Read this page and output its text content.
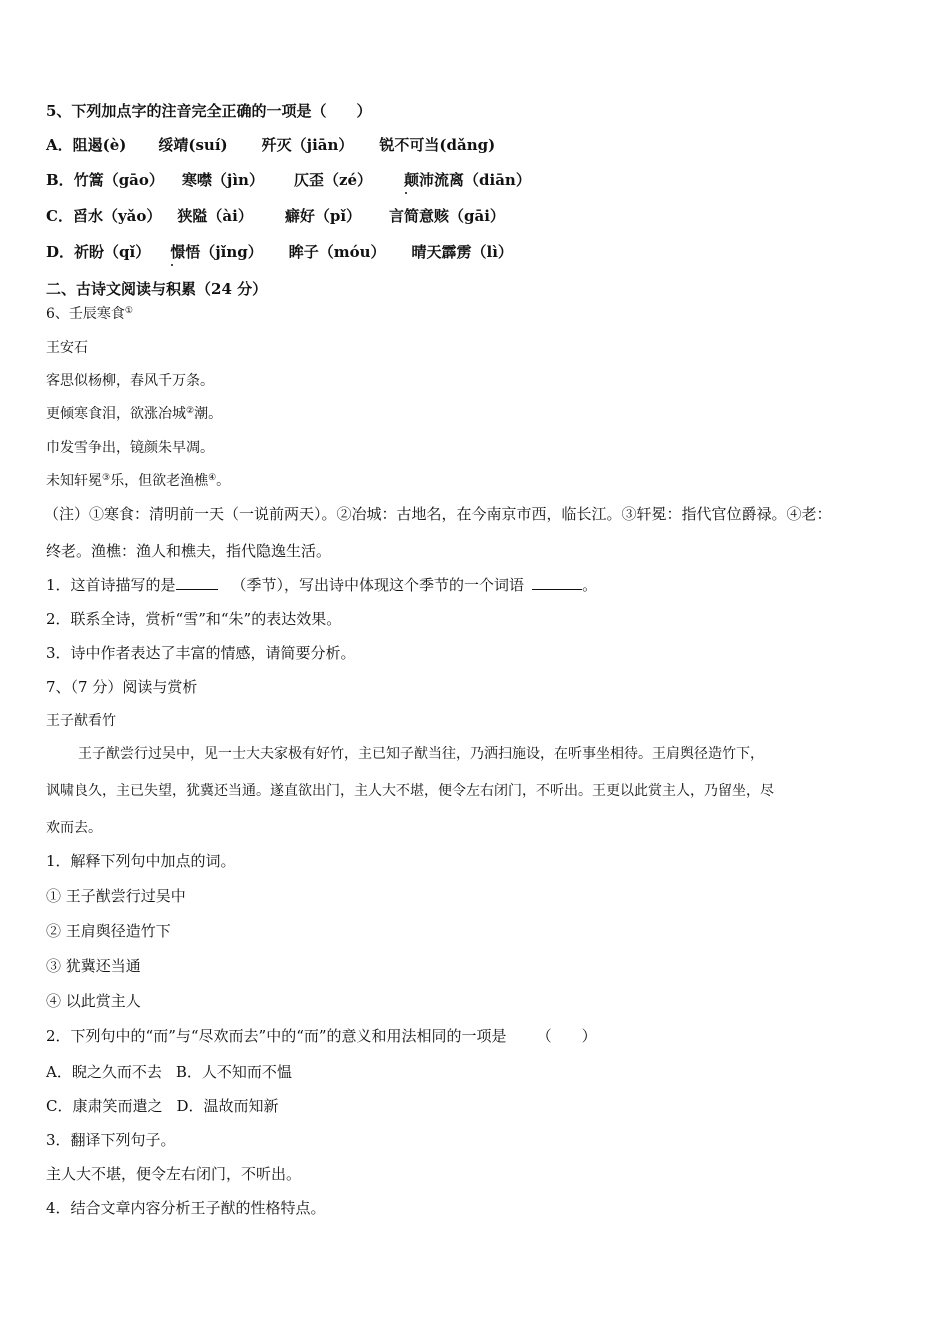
5、下列加点字的注音完全正确的一项是（　　）
A．阻遏(è) 绥靖(suí) 歼灭（jiān） 锐不可当(dǎng)
B．竹篙（gāo） 寒噤（jìn） 仄歪（zé） 颠沛流离（diān）
C．舀水（yǎo） 狭隘（ài） 癖好（pǐ） 言简意赅（gāi）
D．祈盼（qǐ） 憬悟（jǐng） 眸子（móu） 晴天霹雳（lì）
二、古诗文阅读与积累（24 分）
6、壬辰寒食①
王安石
客思似杨柳，春风千万条。
更倾寒食泪，欲涨冶城②潮。
巾发雪争出，镜颜朱早凋。
未知轩冕③乐，但欲老渔樵④。
（注）①寒食：清明前一天（一说前两天）。②冶城：古地名，在今南京市西，临长江。③轩冕：指代官位爵禄。④老：
终老。渔樵：渔人和樵夫，指代隐逸生活。
1．这首诗描写的是	（季节），写出诗中体现这个季节的一个词语	。
2．联系全诗，赏析“雪”和“朱”的表达效果。
3．诗中作者表达了丰富的情感，请简要分析。
7、（7 分）阅读与赏析
王子猷看竹
王子猷尝行过吴中，见一士大夫家极有好竹，主已知子猷当往，乃洒扫施设，在听事坐相待。王肩舆径造竹下，
讽啸良久，主已失望，犹冀还当通。遂直欲出门，主人大不堪，便令左右闭门，不听出。王更以此赏主人，乃留坐，尽
欢而去。
1．解释下列句中加点的词。
① 王子猷尝行过吴中
② 王肩舆径造竹下
③ 犹冀还当通
④ 以此赏主人
2．下列句中的“而”与“尽欢而去”中的“而”的意义和用法相同的一项是 （　　）
A．睨之久而不去 B．人不知而不愠
C．康肃笑而遣之 D．温故而知新
3．翻译下列句子。
主人大不堪，便令左右闭门，不听出。
4．结合文章内容分析王子猷的性格特点。
